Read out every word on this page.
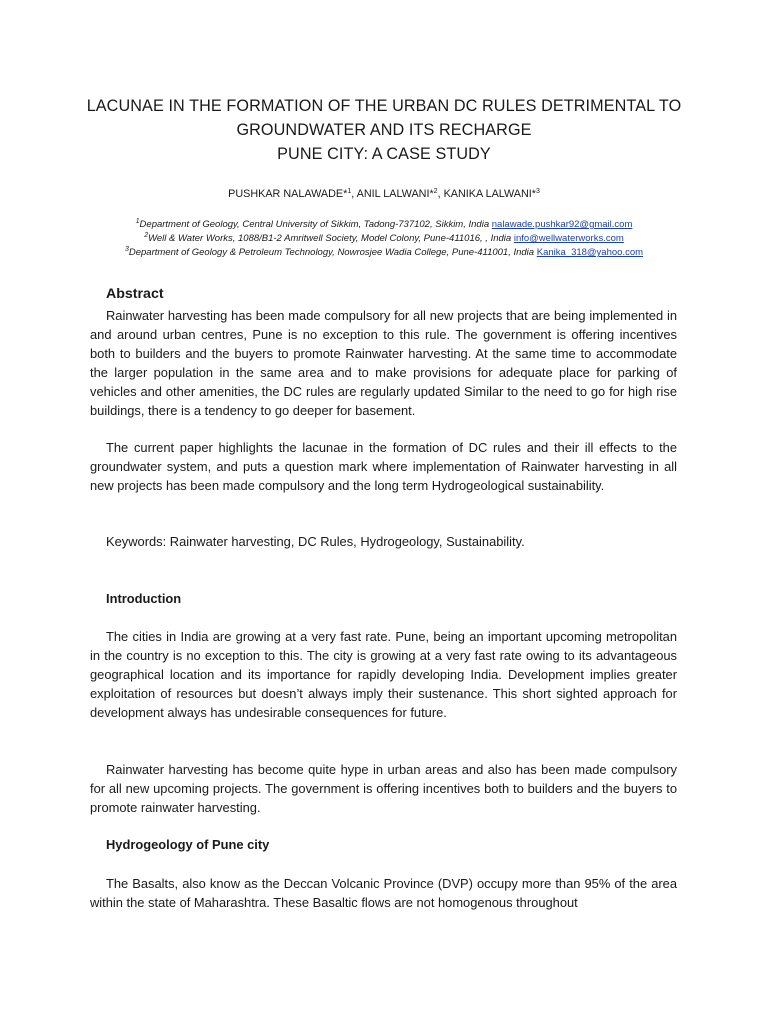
LACUNAE IN THE FORMATION OF THE URBAN DC RULES DETRIMENTAL TO
GROUNDWATER AND ITS RECHARGE
PUNE CITY: A CASE STUDY
PUSHKAR NALAWADE*$^1$, ANIL LALWANI*$^2$, KANIKA LALWANI*$^3$
$^1$Department of Geology, Central University of Sikkim, Tadong-737102, Sikkim, India nalawade.pushkar92@gmail.com
$^2$Well & Water Works, 1088/B1-2 Amritwell Society, Model Colony, Pune-411016, , India info@wellwaterworks.com
$^3$Department of Geology & Petroleum Technology, Nowrosjee Wadia College, Pune-411001, India Kanika_318@yahoo.com
Abstract

Rainwater harvesting has been made compulsory for all new projects that are being implemented in and around urban centres, Pune is no exception to this rule. The government is offering incentives both to builders and the buyers to promote Rainwater harvesting. At the same time to accommodate the larger population in the same area and to make provisions for adequate place for parking of vehicles and other amenities, the DC rules are regularly updated Similar to the need to go for high rise buildings, there is a tendency to go deeper for basement.

The current paper highlights the lacunae in the formation of DC rules and their ill effects to the groundwater system, and puts a question mark where implementation of Rainwater harvesting in all new projects has been made compulsory and the long term Hydrogeological sustainability.

Keywords: Rainwater harvesting, DC Rules, Hydrogeology, Sustainability.

Introduction

The cities in India are growing at a very fast rate. Pune, being an important upcoming metropolitan in the country is no exception to this. The city is growing at a very fast rate owing to its advantageous geographical location and its importance for rapidly developing India. Development implies greater exploitation of resources but doesn’t always imply their sustenance. This short sighted approach for development always has undesirable consequences for future.

Rainwater harvesting has become quite hype in urban areas and also has been made compulsory for all new upcoming projects. The government is offering incentives both to builders and the buyers to promote rainwater harvesting.

Hydrogeology of Pune city

The Basalts, also know as the Deccan Volcanic Province (DVP) occupy more than 95% of the area within the state of Maharashtra. These Basaltic flows are not homogenous throughout
